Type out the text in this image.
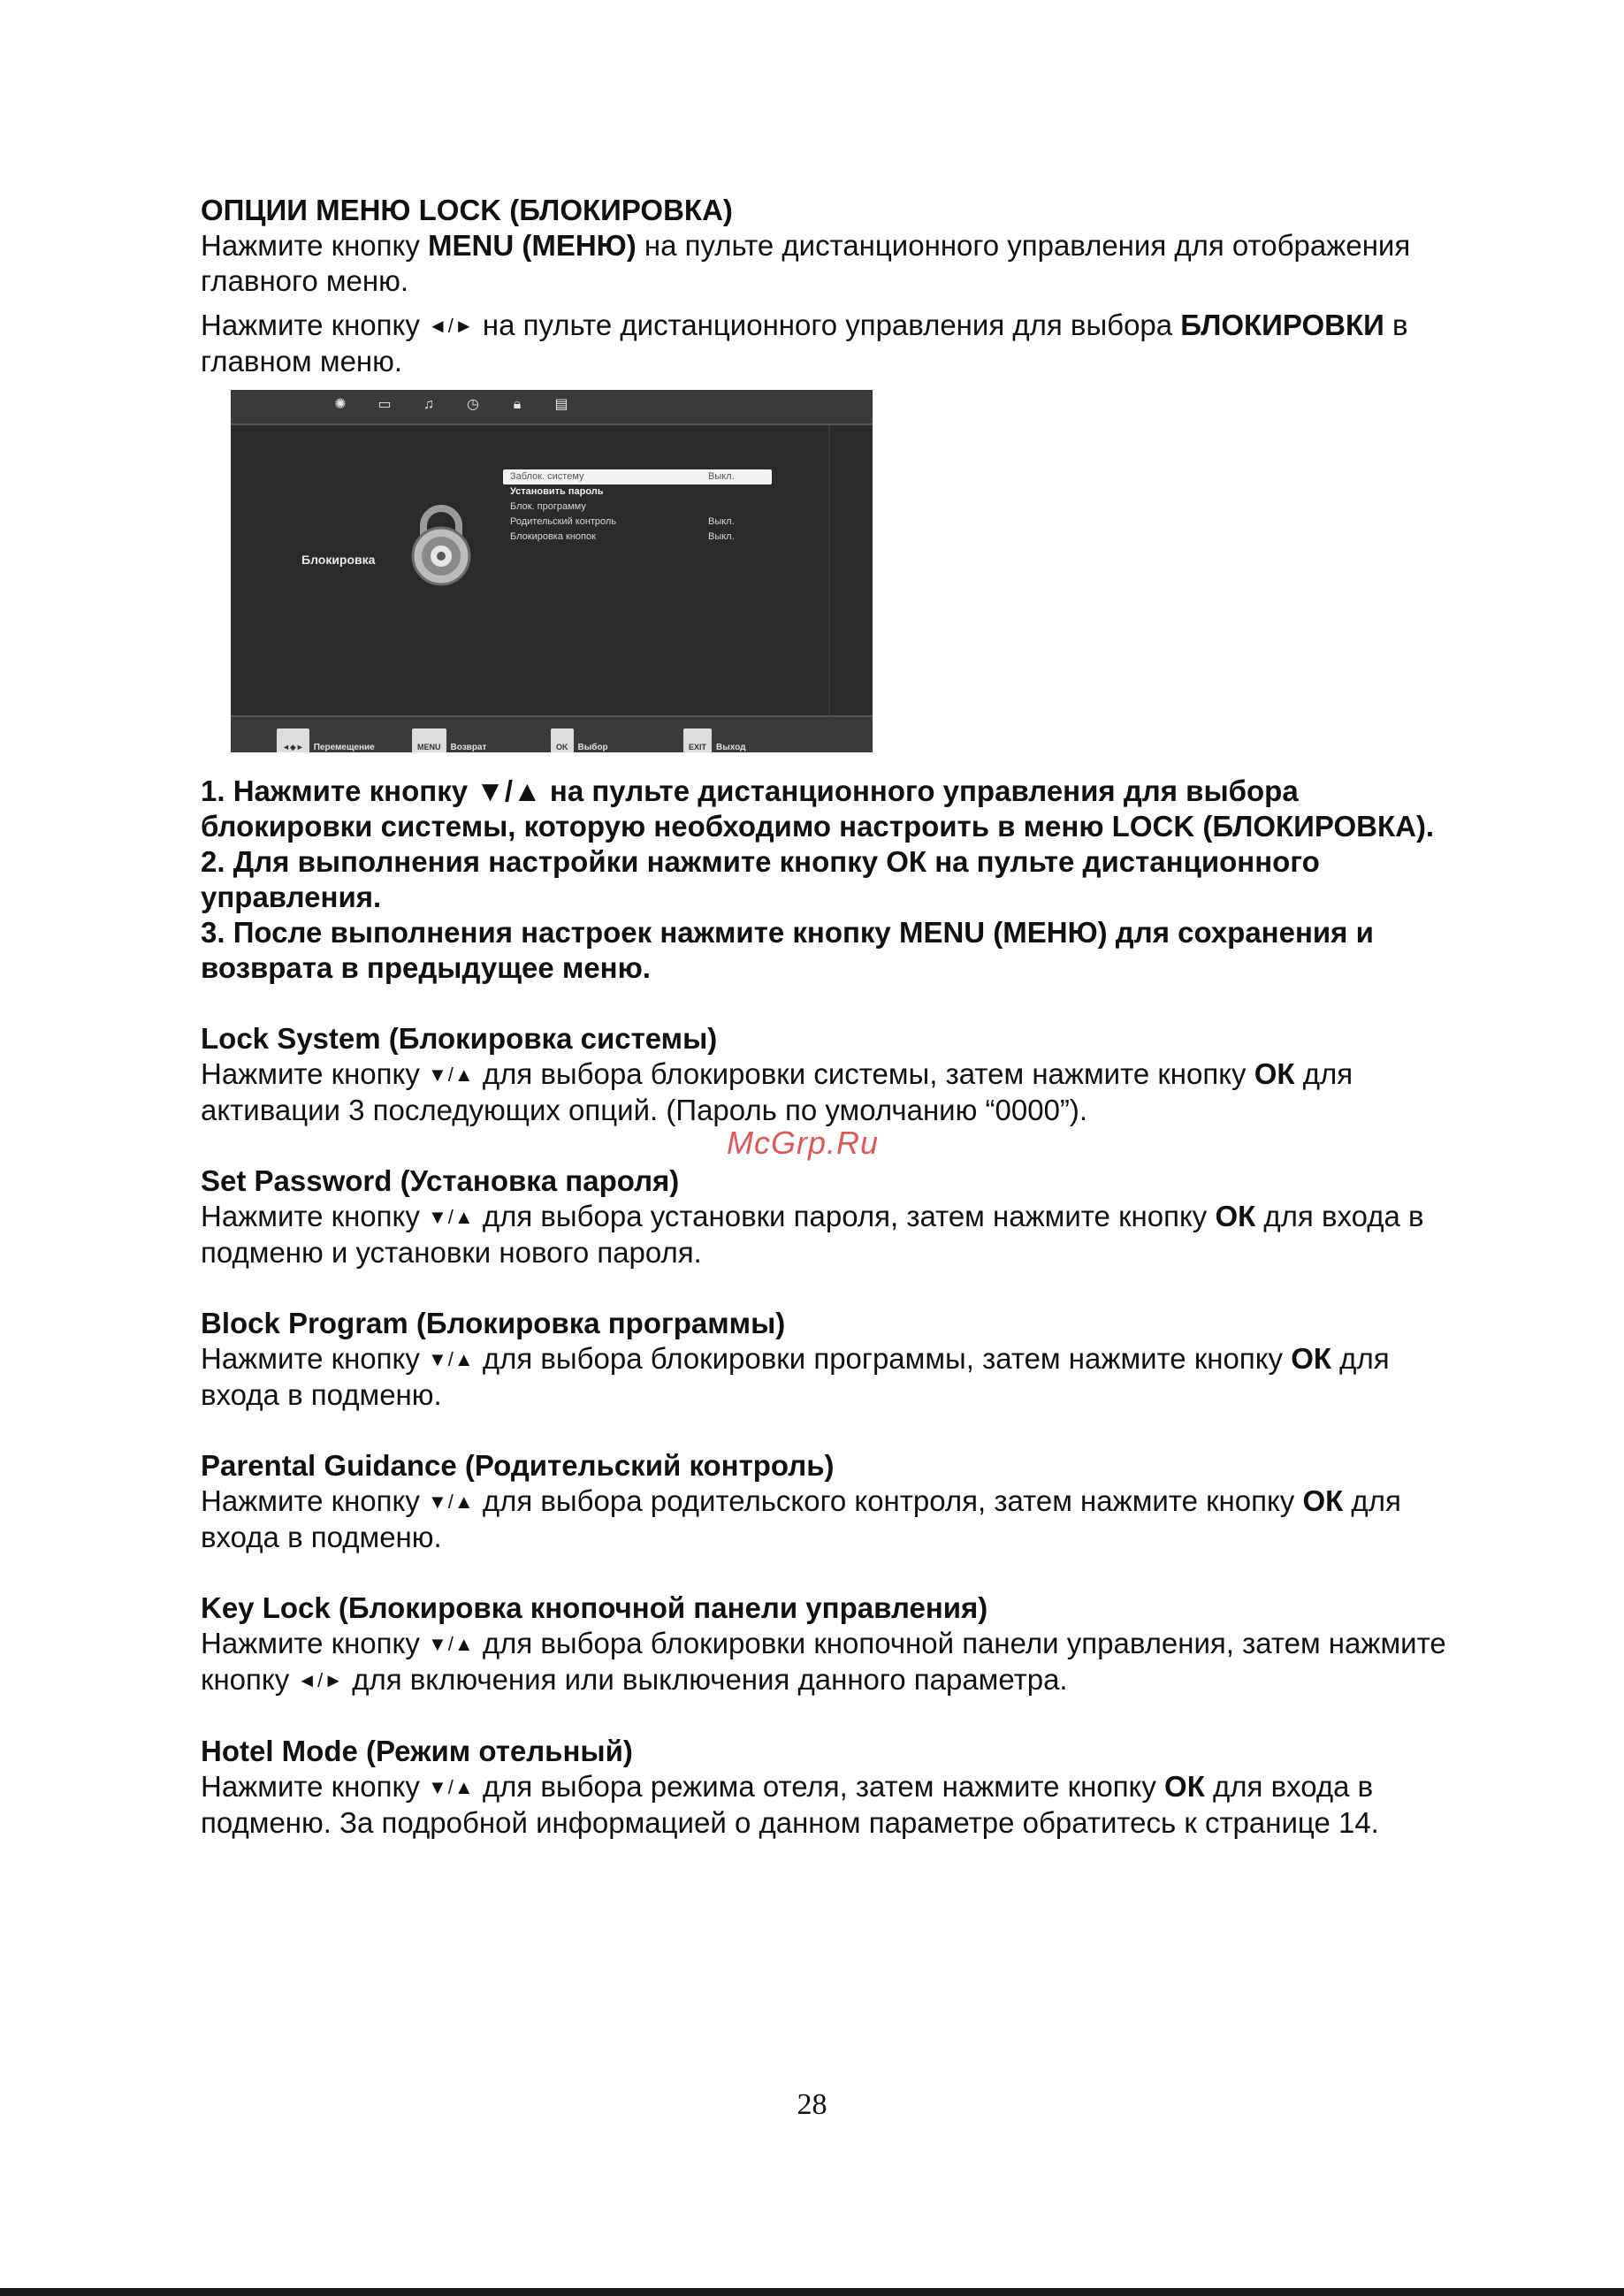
ОПЦИИ МЕНЮ LOCK (БЛОКИРОВКА)

Нажмите кнопку MENU (МЕНЮ) на пульте дистанционного управления для отображения главного меню.

Нажмите кнопку ◄/► на пульте дистанционного управления для выбора БЛОКИРОВКИ в главном меню.

✺ ▭ ♫ ◷ 🔒︎ ▤
Блокировка
Заблок. систему	Выкл.
Установить пароль
Блок. программу
Родительский контроль	Выкл.
Блокировка кнопок	Выкл.
◄◆► Перемещение	MENU Возврат	OK Выбор	EXIT Выход

1. Нажмите кнопку ▼/▲ на пульте дистанционного управления для выбора блокировки системы, которую необходимо настроить в меню LOCK (БЛОКИРОВКА).

2. Для выполнения настройки нажмите кнопку ОК на пульте дистанционного управления.

3. После выполнения настроек нажмите кнопку MENU (МЕНЮ) для сохранения и возврата в предыдущее меню.

Lock System (Блокировка системы)

Нажмите кнопку ▼/▲ для выбора блокировки системы, затем нажмите кнопку ОК для активации 3 последующих опций. (Пароль по умолчанию “0000”).

Set Password (Установка пароля)

Нажмите кнопку ▼/▲ для выбора установки пароля, затем нажмите кнопку ОК для входа в подменю и установки нового пароля.

Block Program (Блокировка программы)

Нажмите кнопку ▼/▲ для выбора блокировки программы, затем нажмите кнопку ОК для входа в подменю.

Parental Guidance (Родительский контроль)

Нажмите кнопку ▼/▲ для выбора родительского контроля, затем нажмите кнопку ОК для входа в подменю.

Key Lock (Блокировка кнопочной панели управления)

Нажмите кнопку ▼/▲ для выбора блокировки кнопочной панели управления, затем нажмите кнопку ◄/► для включения или выключения данного параметра.

Hotel Mode (Режим отельный)

Нажмите кнопку ▼/▲ для выбора режима отеля, затем нажмите кнопку ОК для входа в подменю. За подробной информацией о данном параметре обратитесь к странице 14.

McGrp.Ru
28
